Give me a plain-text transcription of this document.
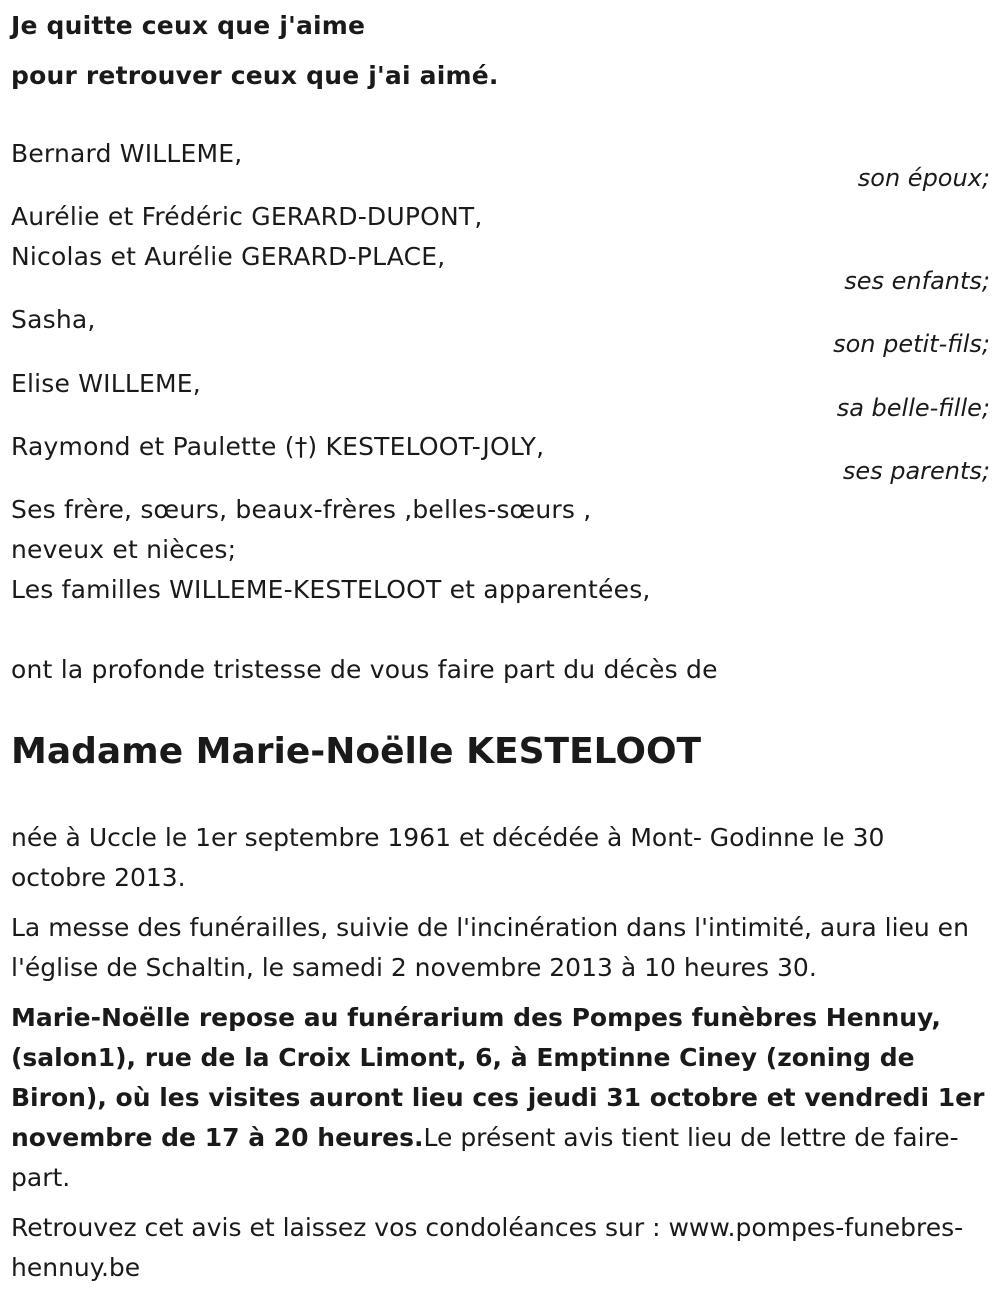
Je quitte ceux que j'aime
pour retrouver ceux que j'ai aimé.
Bernard WILLEME,
son époux;
Aurélie et Frédéric GERARD-DUPONT,
Nicolas et Aurélie GERARD-PLACE,
ses enfants;
Sasha,
son petit-fils;
Elise WILLEME,
sa belle-fille;
Raymond et Paulette (†) KESTELOOT-JOLY,
ses parents;
Ses frère, sœurs, beaux-frères ,belles-sœurs ,
neveux et nièces;
Les familles WILLEME-KESTELOOT et apparentées,
ont la profonde tristesse de vous faire part du décès de
Madame Marie-Noëlle KESTELOOT
née à Uccle le 1er septembre 1961 et décédée à Mont- Godinne le 30 octobre 2013.
La messe des funérailles, suivie de l'incinération dans l'intimité, aura lieu en l'église de Schaltin, le samedi 2 novembre 2013 à 10 heures 30.
Marie-Noëlle repose au funérarium des Pompes funèbres Hennuy, (salon1), rue de la Croix Limont, 6, à Emptinne Ciney (zoning de Biron), où les visites auront lieu ces jeudi 31 octobre et vendredi 1er novembre de 17 à 20 heures.Le présent avis tient lieu de lettre de faire-part.
Retrouvez cet avis et laissez vos condoléances sur : www.pompes-funebres-hennuy.be
